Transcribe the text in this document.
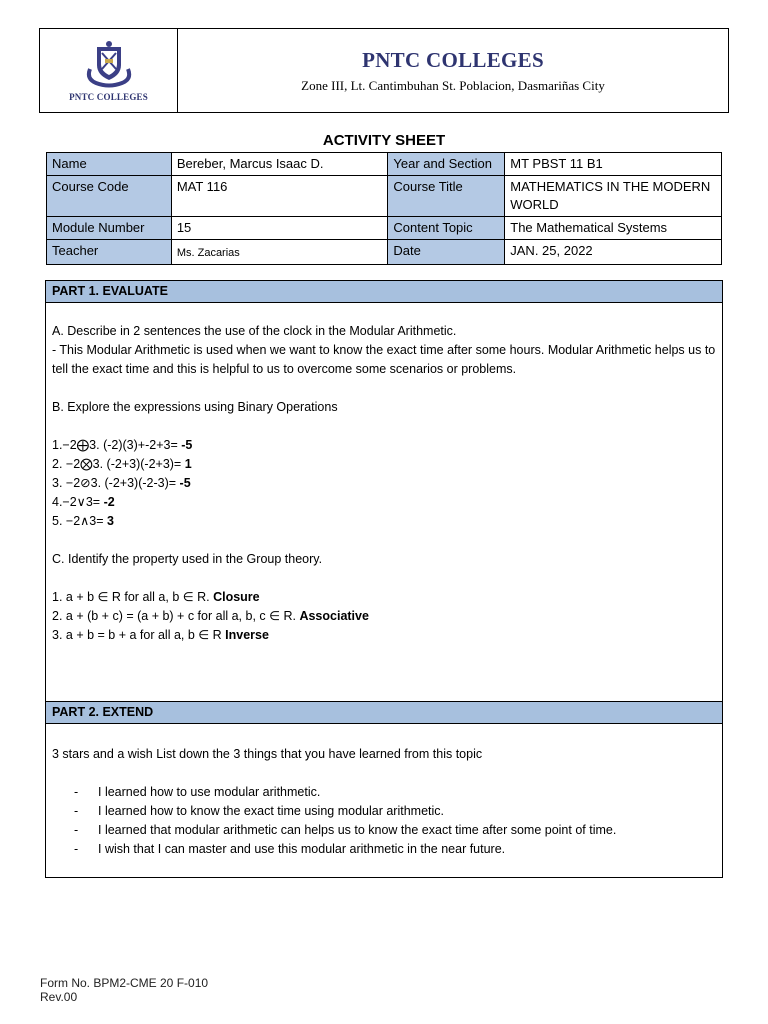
PNTC COLLEGES
PNTC COLLEGES
Zone III, Lt. Cantimbuhan St. Poblacion, Dasmariñas City
ACTIVITY SHEET
Name	Bereber, Marcus Isaac D.	Year and Section	MT PBST 11 B1
Course Code	MAT 116	Course Title	MATHEMATICS IN THE MODERN WORLD
Module Number	15	Content Topic	The Mathematical Systems
Teacher	Ms. Zacarias	Date	JAN. 25, 2022
PART 1. EVALUATE

A. Describe in 2 sentences the use of the clock in the Modular Arithmetic.

- This Modular Arithmetic is used when we want to know the exact time after some hours. Modular Arithmetic helps us to tell the exact time and this is helpful to us to overcome some scenarios or problems.

B. Explore the expressions using Binary Operations

1.−2⨁3. (-2)(3)+-2+3= -5

2. −2⨂3. (-2+3)(-2+3)= 1

3. −2⊘3. (-2+3)(-2-3)= -5

4.−2∨3= -2

5. −2∧3= 3

C. Identify the property used in the Group theory.

1. a + b ∈ R for all a, b ∈ R. Closure

2. a + (b + c) = (a + b) + c for all a, b, c ∈ R. Associative

3. a + b = b + a for all a, b ∈ R Inverse

PART 2. EXTEND

3 stars and a wish List down the 3 things that you have learned from this topic

-	I learned how to use modular arithmetic.
-	I learned how to know the exact time using modular arithmetic.
-	I learned that modular arithmetic can helps us to know the exact time after some point of time.
-	I wish that I can master and use this modular arithmetic in the near future.
Form No. BPM2-CME 20 F-010
Rev.00
